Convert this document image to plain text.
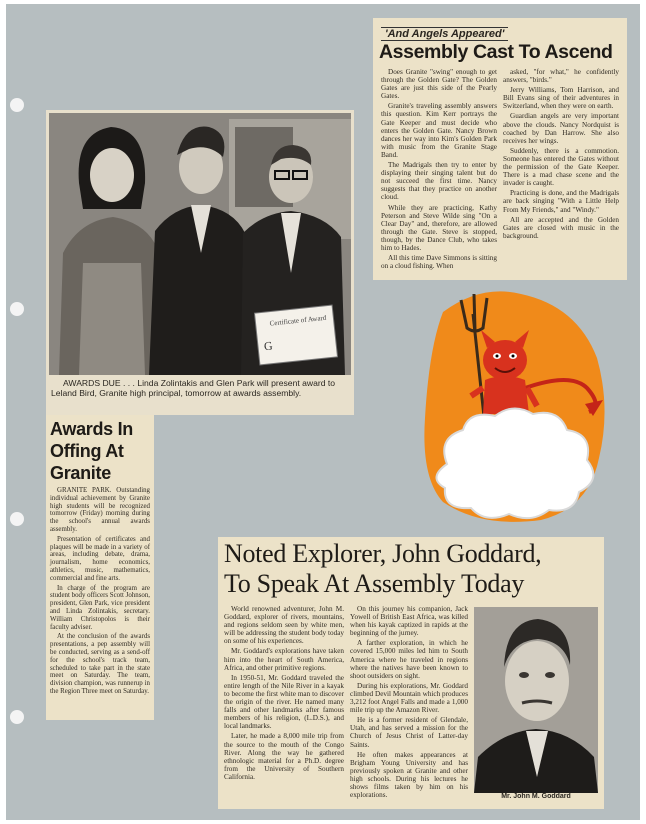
'And Angels Appeared'
Assembly Cast To Ascend

Does Granite "swing" enough to get through the Golden Gate? The Golden Gates are just this side of the Pearly Gates.

Granite's traveling assembly answers this question. Kim Kerr portrays the Gate Keeper and must decide who enters the Golden Gate. Nancy Brown dances her way into Kim's Golden Park with music from the Granite Stage Band.

The Madrigals then try to enter by displaying their singing talent but do not succeed the first time. Nancy suggests that they practice on another cloud.

While they are practicing, Kathy Peterson and Steve Wilde sing "On a Clear Day" and, therefore, are allowed through the Gate. Steve is stopped, though, by the Dance Club, who takes him to Hades.

All this time Dave Simmons is sitting on a cloud fishing. When

asked, "for what," he confidently answers, "birds."

Jerry Williams, Tom Harrison, and Bill Evans sing of their adventures in Switzerland, when they were on earth.

Guardian angels are very important above the clouds. Nancy Nordquist is coached by Dan Harrow. She also receives her wings.

Suddenly, there is a commotion. Someone has entered the Gates without the permission of the Gate Keeper. There is a mad chase scene and the invader is caught.

Practicing is done, and the Madrigals are back singing "With a Little Help From My Friends," and "Windy."

All are accepted and the Golden Gates are closed with music in the background.

Certificate of Award
G
AWARDS DUE . . . Linda Zolintakis and Glen Park will present award to Leland Bird, Granite high principal, tomorrow at awards assembly.
Awards In
Offing At
Granite

GRANITE PARK. Outstanding individual achievement by Granite high students will be recognized tomorrow (Friday) morning during the school's annual awards assembly.

Presentation of certificates and plaques will be made in a variety of areas, including debate, drama, journalism, home economics, athletics, music, mathematics, commercial and fine arts.

In charge of the program are student body officers Scott Johnson, president, Glen Park, vice president and Linda Zolintakis, secretary. William Christopolos is their faculty adviser.

At the conclusion of the awards presentations, a pep assembly will be conducted, serving as a send-off for the school's track team, scheduled to take part in the state meet on Saturday. The team, division champion, was runnerup in the Region Three meet on Saturday.

Noted Explorer, John Goddard,
To Speak At Assembly Today

World renowned adventurer, John M. Goddard, explorer of rivers, mountains, and regions seldom seen by white men, will be addressing the student body today on some of his experiences.

Mr. Goddard's explorations have taken him into the heart of South America, Africa, and other primitive regions.

In 1950-51, Mr. Goddard traveled the entire length of the Nile River in a kayak to become the first white man to discover the origin of the river. He named many falls and other landmarks after famous members of his religion, (L.D.S.), and local landmarks.

Later, he made a 8,000 mile trip from the source to the mouth of the Congo River. Along the way he gathered ethnologic material for a Ph.D. degree from the University of Southern California.

On this journey his companion, Jack Yowell of British East Africa, was killed when his kayak captized in rapids at the beginning of the jurney.

A farther exploration, in which he covered 15,000 miles led him to South America where he traveled in regions where the natives have been known to shoot outsiders on sight.

During his explorations, Mr. Goddard climbed Devil Mountain which produces 3,212 foot Angel Falls and made a 1,000 mile trip up the Amazon River.

He is a former resident of Glendale, Utah, and has served a mission for the Church of Jesus Christ of Latter-day Saints.

He often makes appearances at Brigham Young University and has previously spoken at Granite and other high schools. During his lectures he shows films taken by him on his explorations.	Mr. John M. Goddard
